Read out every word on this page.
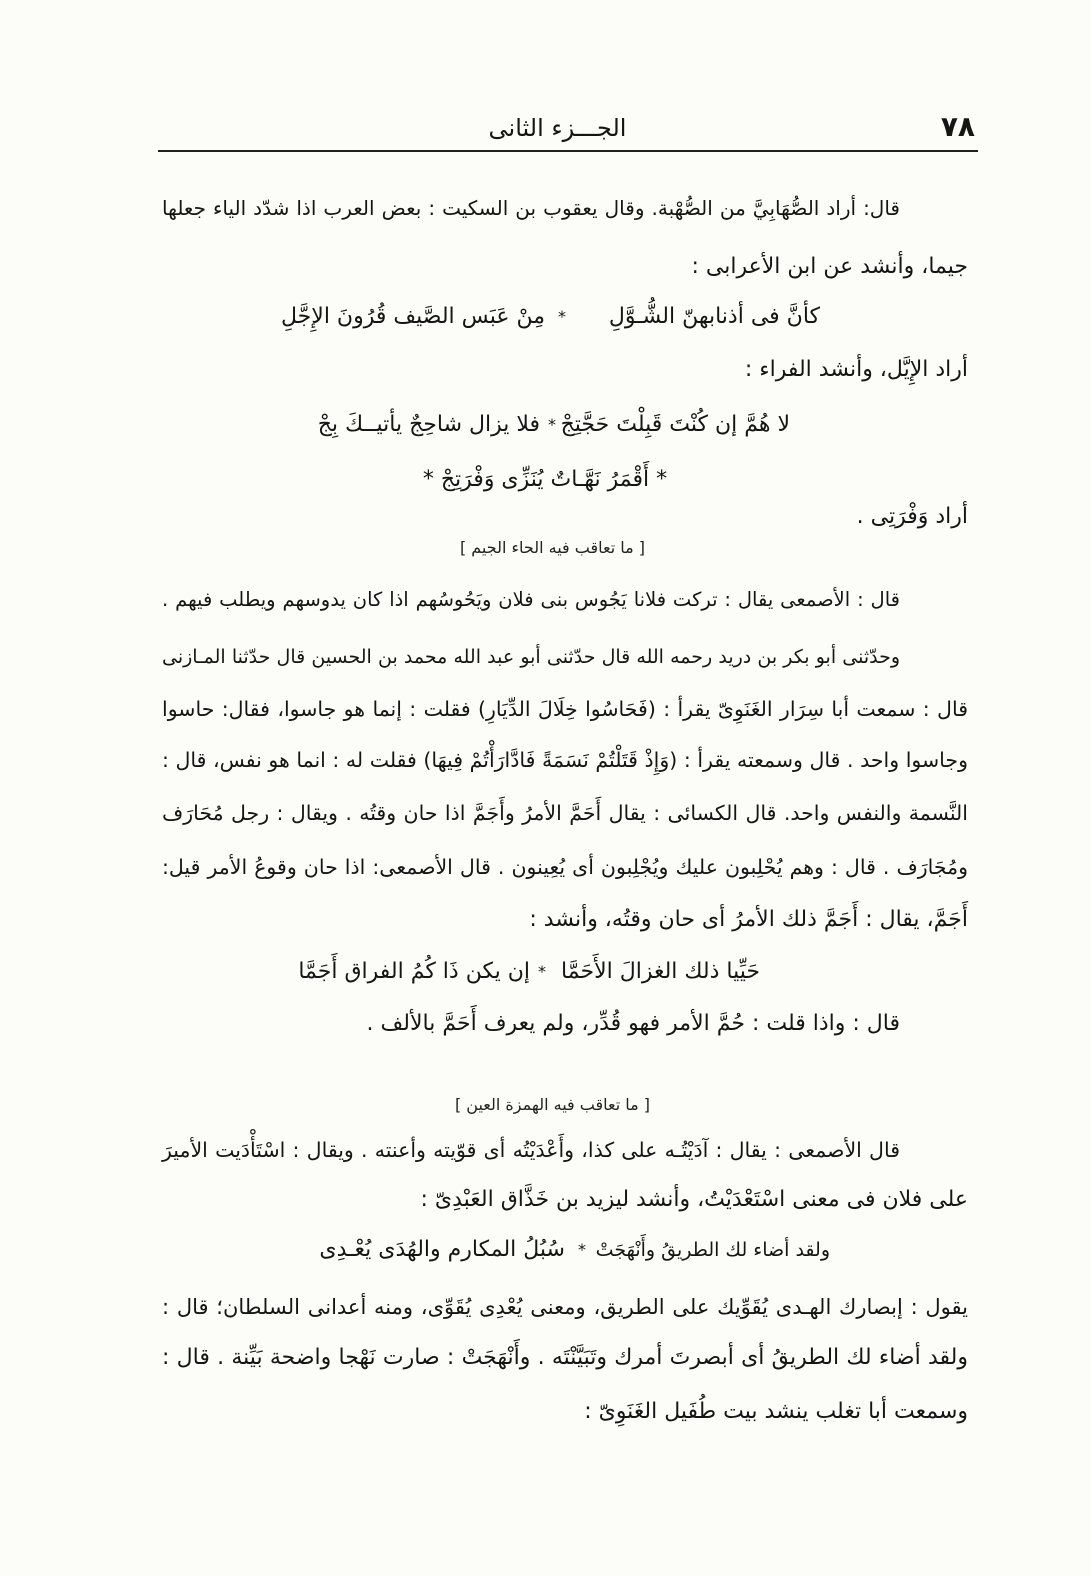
٧٨
الجـــزء الثانى
قال: أراد الصُّهَابِيَّ من الصُّهْبة. وقال يعقوب بن السكيت : بعض العرب اذا شدّد الياء جعلها
جيما، وأنشد عن ابن الأعرابى :
كأنَّ فى أذنابهنّ الشُّـوَّلِ
*
مِنْ عَبَس الصَّيف قُرُونَ الإِجَّلِ
أراد الإِيَّل، وأنشد الفراء :
لا هُمَّ إن كُنْتَ قَبِلْتَ حَجَّتِجْ
*
فلا يزال شاحِجٌ يأتيــكَ بِجْ
* أَقْمَرُ نَهَّـاتٌ يُنَزِّى وَفْرَتِجْ *
أراد وَفْرَتِى .
[ ما تعاقب فيه الحاء الجيم ]
قال : الأصمعى يقال : تركت فلانا يَجُوس بنى فلان ويَحُوسُهم اذا كان يدوسهم ويطلب فيهم .
وحدّثنى أبو بكر بن دريد رحمه الله قال حدّثنى أبو عبد الله محمد بن الحسين قال حدّثنا المـازنى
قال : سمعت أبا سِرَار الغَنَوِىّ يقرأ : (فَحَاسُوا خِلَالَ الدِّيَارِ) فقلت : إنما هو جاسوا، فقال: حاسوا
وجاسوا واحد . قال وسمعته يقرأ : (وَإِذْ قَتَلْتُمْ نَسَمَةً فَادَّارَأْتُمْ فِيهَا) فقلت له : انما هو نفس، قال :
النَّسمة والنفس واحد. قال الكسائى : يقال أَحَمَّ الأمرُ وأَجَمَّ اذا حان وقتُه . ويقال : رجل مُحَارَف
ومُجَارَف . قال : وهم يُحْلِبون عليك ويُجْلِبون أى يُعِينون . قال الأصمعى: اذا حان وقوعُ الأمر قيل:
أَجَمَّ، يقال : أَجَمَّ ذلك الأمرُ أى حان وقتُه، وأنشد :
حَيِّيا ذلك الغزالَ الأَحَمَّا
*
إن يكن ذَا كُمُ الفراق أَجَمَّا
قال : واذا قلت : حُمَّ الأمر فهو قُدِّر، ولم يعرف أَحَمَّ بالألف .
[ ما تعاقب فيه الهمزة العين ]
قال الأصمعى : يقال : آدَيْتُـه على كذا، وأَعْدَيْتُه أى قوّيته وأعنته . ويقال : اسْتَأْدَيت الأميرَ
على فلان فى معنى اسْتَعْدَيْتُ، وأنشد ليزيد بن خَذَّاق العَبْدِىّ :
ولقد أضاء لك الطريقُ وأَنْهَجَتْ
*
سُبُلُ المكارم والهُدَى يُعْـدِى
يقول : إبصارك الهـدى يُقَوِّيك على الطريق، ومعنى يُعْدِى يُقَوِّى، ومنه أعدانى السلطان؛ قال :
ولقد أضاء لك الطريقُ أى أبصرتَ أمرك وتَبَيَّنْتَه . وأَنْهَجَتْ : صارت نَهْجا واضحة بَيِّنة . قال :
وسمعت أبا تغلب ينشد بيت طُفَيل الغَنَوِىّ :
